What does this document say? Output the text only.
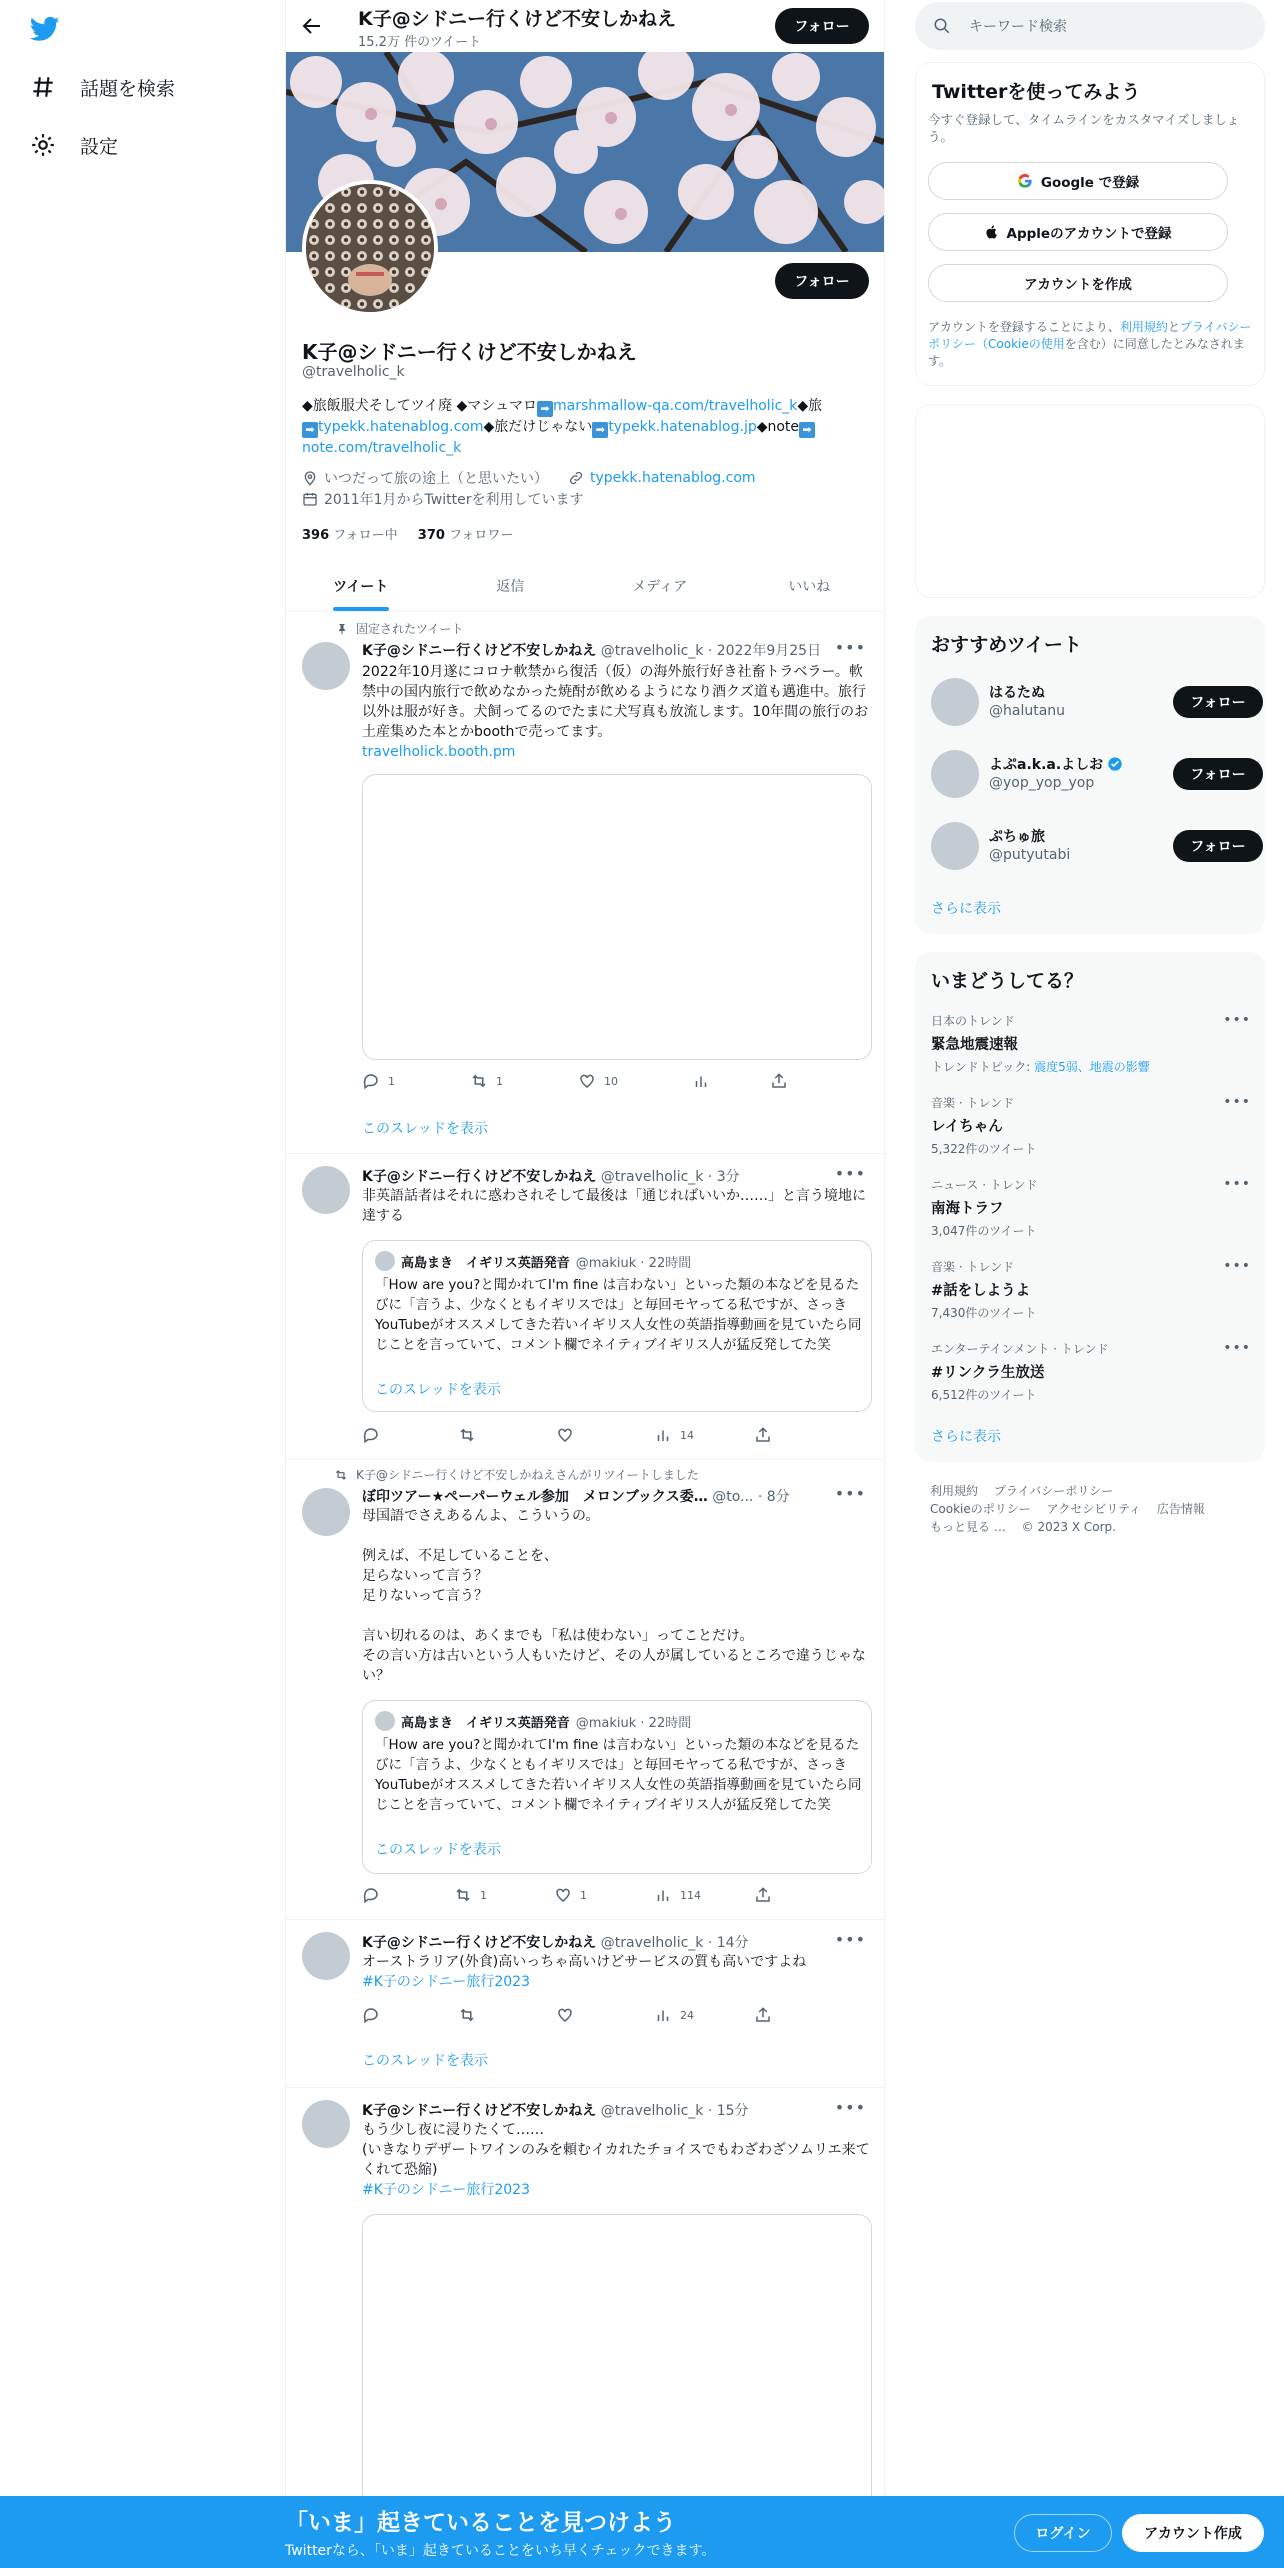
話題を検索
設定
K子@シドニー行くけど不安しかねえ
15.2万 件のツイート
フォロー
フォロー
K子@シドニー行くけど不安しかねえ
@travelholic_k
◆旅飯服犬そしてツイ廃 ◆マシュマロ ➡ marshmallow-qa.com/travelholic_k◆旅
➡ typekk.hatenablog.com◆旅だけじゃない ➡ typekk.hatenablog.jp◆note ➡
note.com/travelholic_k
いつだって旅の途上（と思いたい）	typekk.hatenablog.com
2011年1月からTwitterを利用しています
396 フォロー中 370 フォロワー
ツイート	返信	メディア	いいね
固定されたツイート
K子@シドニー行くけど不安しかねえ @travelholic_k · 2022年9月25日 •••
2022年10月遂にコロナ軟禁から復活（仮）の海外旅行好き社畜トラベラー。軟禁中の国内旅行で飲めなかった焼酎が飲めるようになり酒クズ道も邁進中。旅行以外は服が好き。犬飼ってるのでたまに犬写真も放流します。10年間の旅行のお土産集めた本とかboothで売ってます。
travelholick.booth.pm
1	1	10
このスレッドを表示
K子@シドニー行くけど不安しかねえ @travelholic_k · 3分	•••
非英語話者はそれに惑わされそして最後は「通じればいいか……」と言う境地に達する
高島まき　イギリス英語発音 @makiuk · 22時間
「How are you?と聞かれてI'm fine は言わない」といった類の本などを見るたびに「言うよ、少なくともイギリスでは」と毎回モヤってる私ですが、さっきYouTubeがオススメしてきた若いイギリス人女性の英語指導動画を見ていたら同じことを言っていて、コメント欄でネイティブイギリス人が猛反発してた笑
このスレッドを表示
14
K子@シドニー行くけど不安しかねえさんがリツイートしました
ぼ印ツアー★ペーパーウェル参加　メロンブックス委… @to... · 8分	•••
母国語でさえあるんよ、こういうの。
例えば、不足していることを、
足らないって言う？
足りないって言う？
言い切れるのは、あくまでも「私は使わない」ってことだけ。
その言い方は古いという人もいたけど、その人が属しているところで違うじゃない？
高島まき　イギリス英語発音 @makiuk · 22時間
「How are you?と聞かれてI'm fine は言わない」といった類の本などを見るたびに「言うよ、少なくともイギリスでは」と毎回モヤってる私ですが、さっきYouTubeがオススメしてきた若いイギリス人女性の英語指導動画を見ていたら同じことを言っていて、コメント欄でネイティブイギリス人が猛反発してた笑
このスレッドを表示
1	1	114
K子@シドニー行くけど不安しかねえ @travelholic_k · 14分	•••
オーストラリア(外食)高いっちゃ高いけどサービスの質も高いですよね
#K子のシドニー旅行2023
24
このスレッドを表示
K子@シドニー行くけど不安しかねえ @travelholic_k · 15分	•••
もう少し夜に浸りたくて……
(いきなりデザートワインのみを頼むイカれたチョイスでもわざわざソムリエ来てくれて恐縮)
#K子のシドニー旅行2023
キーワード検索
Twitterを使ってみよう
今すぐ登録して、タイムラインをカスタマイズしましょう。
Google で登録
Appleのアカウントで登録
アカウントを作成
アカウントを登録することにより、利用規約とプライバシーポリシー（Cookieの使用を含む）に同意したとみなされます。
おすすめツイート
はるたぬ
@halutanu	フォロー
よぷa.k.a.よしお
@yop_yop_yop	フォロー
ぷちゅ旅
@putyutabi	フォロー
さらに表示
いまどうしてる？
日本のトレンド
緊急地震速報
トレンドトピック: 震度5弱、地震の影響
•••
音楽 · トレンド
レイちゃん
5,322件のツイート
•••
ニュース · トレンド
南海トラフ
3,047件のツイート
•••
音楽 · トレンド
#話をしようよ
7,430件のツイート
•••
エンターテインメント · トレンド
#リンクラ生放送
6,512件のツイート
•••
さらに表示
利用規約 プライバシーポリシー
Cookieのポリシー アクセシビリティ 広告情報
もっと見る … © 2023 X Corp.
「いま」起きていることを見つけよう
Twitterなら、「いま」起きていることをいち早くチェックできます。
ログイン	アカウント作成
